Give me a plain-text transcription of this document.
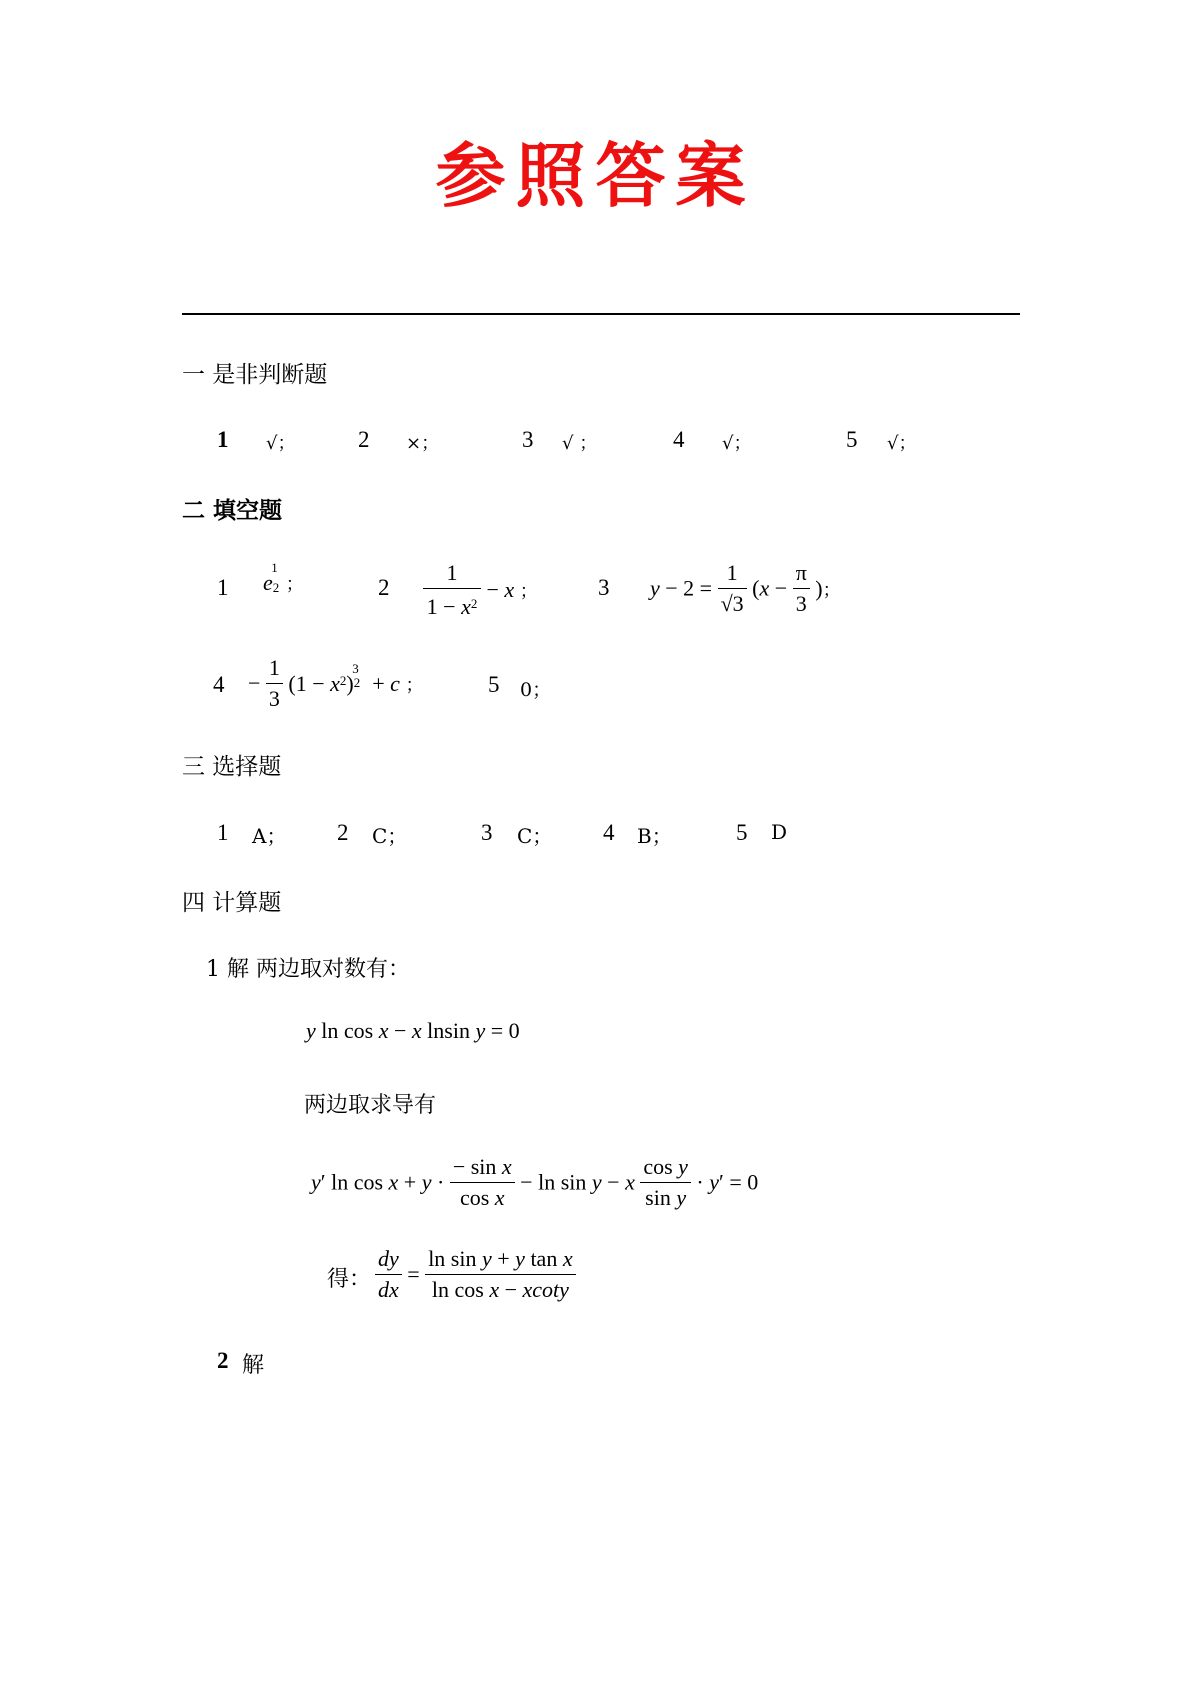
参照答案
一 是非判断题
1 √；	2 ×；	3 √ ；	4 √；	5 √；
二 填空题
1 $e2^1$；	$2 \frac{1}{1 - x^2} - x$ ；	3 $y - 2 = \frac{1}{√3} (x - \frac{\pi}{3}$ )；
$4 - \frac{1}{3} (1 - x^2)^{23} + c$ ；	5 0；
三 选择题
1 A； 2 C；	3 C； 4 B；	5 D
四 计算题
1 解 两边取对数有：
y ln cos x − x lnsin y = 0
两边取求导有
y′ $\ln \cos x + y \cdot \frac{\text{− sin x}}{\text{cos x}} - \ln \sin y - x \frac{\text{cos y}}{\text{sin y}} \cdot y' = 0$
得： $\frac{dy}{dx} = \frac{\text{ln sin y + y tan x}}{\text{ln cos x − xcoty}}$
2 解
